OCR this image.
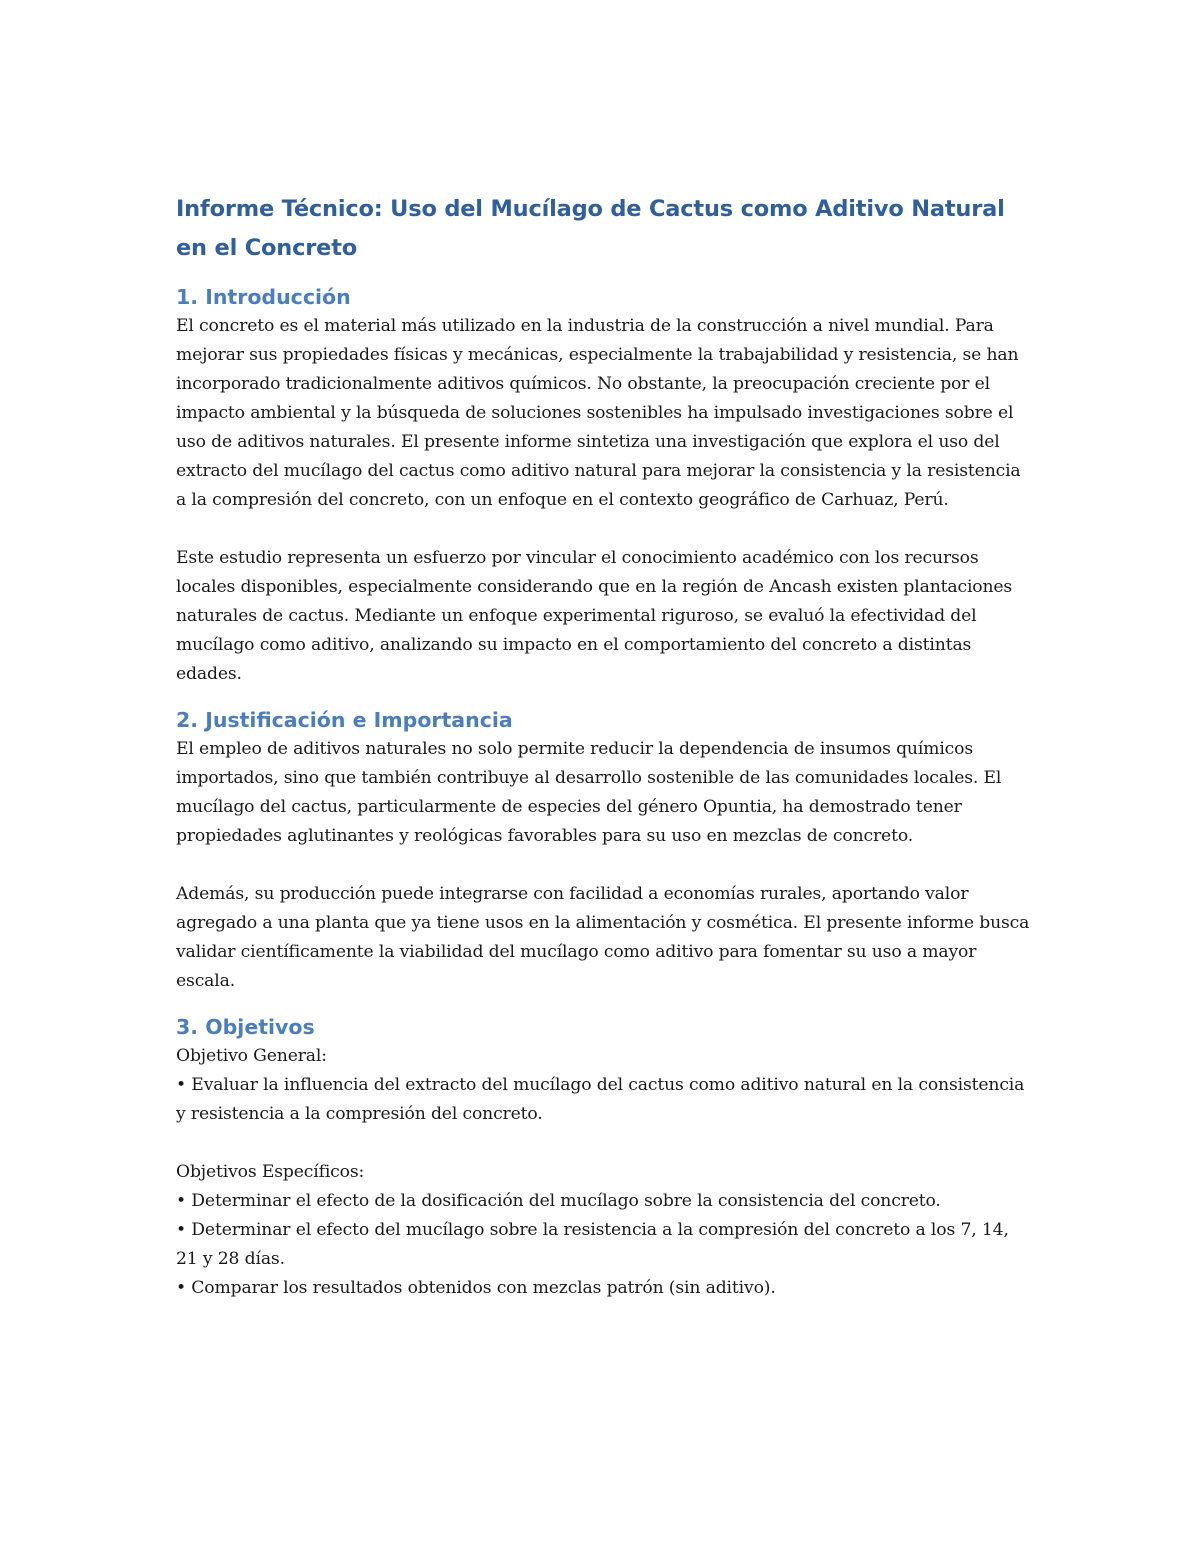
Informe Técnico: Uso del Mucílago de Cactus como Aditivo Natural en el Concreto
1. Introducción

El concreto es el material más utilizado en la industria de la construcción a nivel mundial. Para mejorar sus propiedades físicas y mecánicas, especialmente la trabajabilidad y resistencia, se han incorporado tradicionalmente aditivos químicos. No obstante, la preocupación creciente por el impacto ambiental y la búsqueda de soluciones sostenibles ha impulsado investigaciones sobre el uso de aditivos naturales. El presente informe sintetiza una investigación que explora el uso del extracto del mucílago del cactus como aditivo natural para mejorar la consistencia y la resistencia a la compresión del concreto, con un enfoque en el contexto geográfico de Carhuaz, Perú.

Este estudio representa un esfuerzo por vincular el conocimiento académico con los recursos locales disponibles, especialmente considerando que en la región de Ancash existen plantaciones naturales de cactus. Mediante un enfoque experimental riguroso, se evaluó la efectividad del mucílago como aditivo, analizando su impacto en el comportamiento del concreto a distintas edades.

2. Justificación e Importancia

El empleo de aditivos naturales no solo permite reducir la dependencia de insumos químicos importados, sino que también contribuye al desarrollo sostenible de las comunidades locales. El mucílago del cactus, particularmente de especies del género Opuntia, ha demostrado tener propiedades aglutinantes y reológicas favorables para su uso en mezclas de concreto.

Además, su producción puede integrarse con facilidad a economías rurales, aportando valor agregado a una planta que ya tiene usos en la alimentación y cosmética. El presente informe busca validar científicamente la viabilidad del mucílago como aditivo para fomentar su uso a mayor escala.

3. Objetivos

Objetivo General:

• Evaluar la influencia del extracto del mucílago del cactus como aditivo natural en la consistencia y resistencia a la compresión del concreto.

Objetivos Específicos:

• Determinar el efecto de la dosificación del mucílago sobre la consistencia del concreto.

• Determinar el efecto del mucílago sobre la resistencia a la compresión del concreto a los 7, 14, 21 y 28 días.

• Comparar los resultados obtenidos con mezclas patrón (sin aditivo).
